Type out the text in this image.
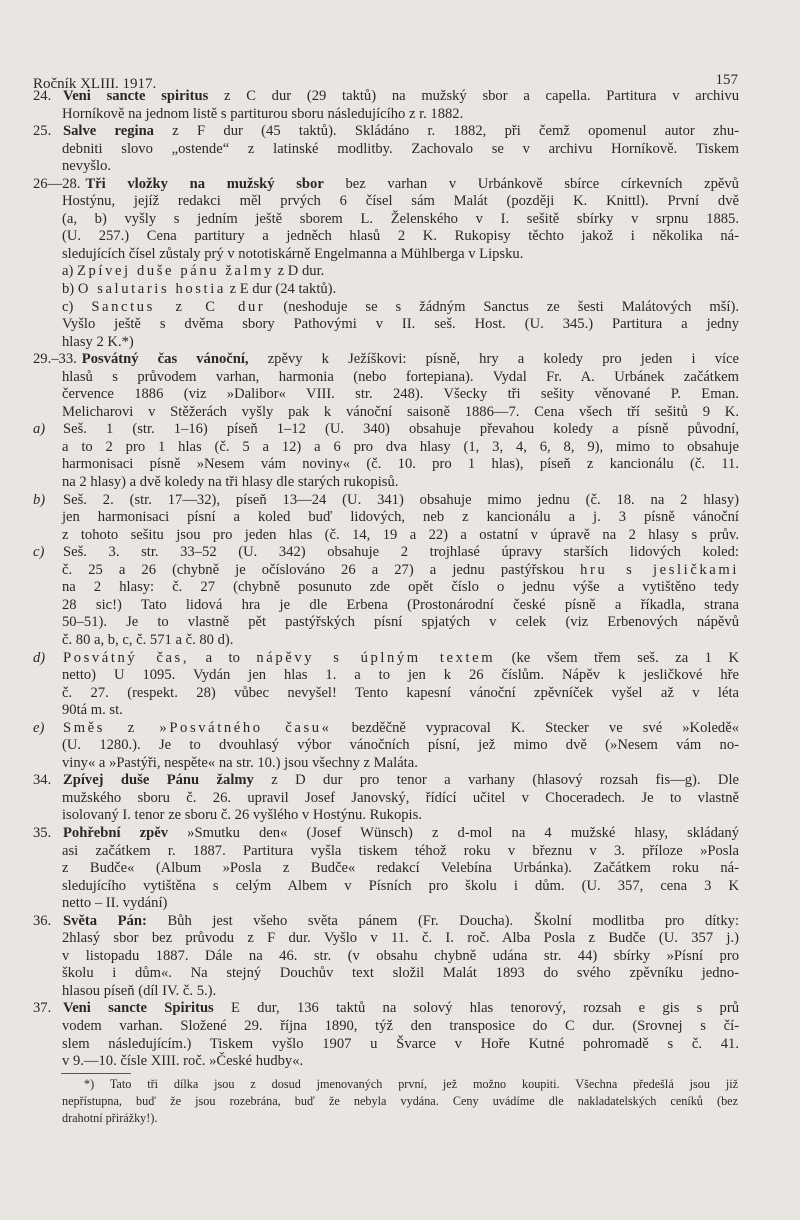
Ročník XLIII. 1917.	157
24. Veni sancte spiritus z C dur (29 taktů) na mužský sbor a capella. Partitura v archivu
Horníkově na jednom listě s partiturou sboru následujícího z r. 1882.
25. Salve regina z F dur (45 taktů). Skládáno r. 1882, při čemž opomenul autor zhu-
debniti slovo „ostende“ z latinské modlitby. Zachovalo se v archivu Horníkově. Tiskem
nevyšlo.
26—28. Tři vložky na mužský sbor bez varhan v Urbánkově sbírce církevních zpěvů
Hostýnu, jejíž redakci měl prvých 6 čísel sám Malát (později K. Knittl). První dvě
(a, b) vyšly s jedním ještě sborem L. Želenského v I. sešitě sbírky v srpnu 1885.
(U. 257.) Cena partitury a jedněch hlasů 2 K. Rukopisy těchto jakož i několika ná-
sledujících čísel zůstaly prý v nototiskárně Engelmanna a Mühlberga v Lipsku.
a) Zpívej duše pánu žalmy z D dur.
b) O salutaris hostia z E dur (24 taktů).
c) Sanctus z C dur (neshoduje se s žádným Sanctus ze šesti Malátových mší).
Vyšlo ještě s dvěma sbory Pathovými v II. seš. Host. (U. 345.) Partitura a jedny
hlasy 2 K.*)
29.–33. Posvátný čas vánoční, zpěvy k Ježíškovi: písně, hry a koledy pro jeden i více
hlasů s průvodem varhan, harmonia (nebo fortepiana). Vydal Fr. A. Urbánek začátkem
července 1886 (viz »Dalibor« VIII. str. 248). Všecky tři sešity věnované P. Eman.
Melicharovi v Stěžerách vyšly pak k vánoční saisoně 1886—7. Cena všech tří sešitů 9 K.
a)	Seš. 1 (str. 1–16) píseň 1–12 (U. 340) obsahuje převahou koledy a písně původní,
a to 2 pro 1 hlas (č. 5 a 12) a 6 pro dva hlasy (1, 3, 4, 6, 8, 9), mimo to obsahuje
harmonisaci písně »Nesem vám noviny« (č. 10. pro 1 hlas), píseň z kancionálu (č. 11.
na 2 hlasy) a dvě koledy na tři hlasy dle starých rukopisů.
b)	Seš. 2. (str. 17—32), píseň 13—24 (U. 341) obsahuje mimo jednu (č. 18. na 2 hlasy)
jen harmonisaci písní a koled buď lidových, neb z kancionálu a j. 3 písně vánoční
z tohoto sešitu jsou pro jeden hlas (č. 14, 19 a 22) a ostatní v úpravě na 2 hlasy s prův.
c)	Seš. 3. str. 33–52 (U. 342) obsahuje 2 trojhlasé úpravy starších lidových koled:
č. 25 a 26 (chybně je očíslováno 26 a 27) a jednu pastýřskou hru s jesličkami
na 2 hlasy: č. 27 (chybně posunuto zde opět číslo o jednu výše a vytištěno tedy
28 sic!) Tato lidová hra je dle Erbena (Prostonárodní české písně a říkadla, strana
50–51). Je to vlastně pět pastýřských písní spjatých v celek (viz Erbenových nápěvů
č. 80 a, b, c, č. 571 a č. 80 d).
d)	Posvátný čas, a to nápěvy s úplným textem (ke všem třem seš. za 1 K
netto) U 1095. Vydán jen hlas 1. a to jen k 26 číslům. Nápěv k jesličkové hře
č. 27. (respekt. 28) vůbec nevyšel! Tento kapesní vánoční zpěvníček vyšel až v léta
90tá m. st.
e)	Směs z »Posvátného času« bezděčně vypracoval K. Stecker ve své »Koledě«
(U. 1280.). Je to dvouhlasý výbor vánočních písní, jež mimo dvě (»Nesem vám no-
viny« a »Pastýři, nespěte« na str. 10.) jsou všechny z Maláta.
34. Zpívej duše Pánu žalmy z D dur pro tenor a varhany (hlasový rozsah fis—g). Dle
mužského sboru č. 26. upravil Josef Janovský, řídící učitel v Choceradech. Je to vlastně
isolovaný I. tenor ze sboru č. 26 vyšlého v Hostýnu. Rukopis.
35. Pohřební zpěv »Smutku den« (Josef Wünsch) z d-mol na 4 mužské hlasy, skládaný
asi začátkem r. 1887. Partitura vyšla tiskem téhož roku v březnu v 3. příloze »Posla
z Budče« (Album »Posla z Budče« redakcí Velebína Urbánka). Začátkem roku ná-
sledujícího vytištěna s celým Albem v Písních pro školu i dům. (U. 357, cena 3 K
netto – II. vydání)
36. Světa Pán: Bůh jest všeho světa pánem (Fr. Doucha). Školní modlitba pro dítky:
2hlasý sbor bez průvodu z F dur. Vyšlo v 11. č. I. roč. Alba Posla z Budče (U. 357 j.)
v listopadu 1887. Dále na 46. str. (v obsahu chybně udána str. 44) sbírky »Písní pro
školu i dům«. Na stejný Douchův text složil Malát 1893 do svého zpěvníku jedno-
hlasou píseň (díl IV. č. 5.).
37. Veni sancte Spiritus E dur, 136 taktů na solový hlas tenorový, rozsah e gis s prů
vodem varhan. Složené 29. října 1890, týž den transposice do C dur. (Srovnej s čí-
slem následujícím.) Tiskem vyšlo 1907 u Švarce v Hoře Kutné pohromadě s č. 41.
v 9.—10. čísle XIII. roč. »České hudby«.
*) Tato tři dílka jsou z dosud jmenovaných první, jež možno koupiti. Všechna předešlá jsou již
nepřístupna, buď že jsou rozebrána, buď že nebyla vydána. Ceny uvádíme dle nakladatelských ceníků (bez
drahotní přirážky!).
